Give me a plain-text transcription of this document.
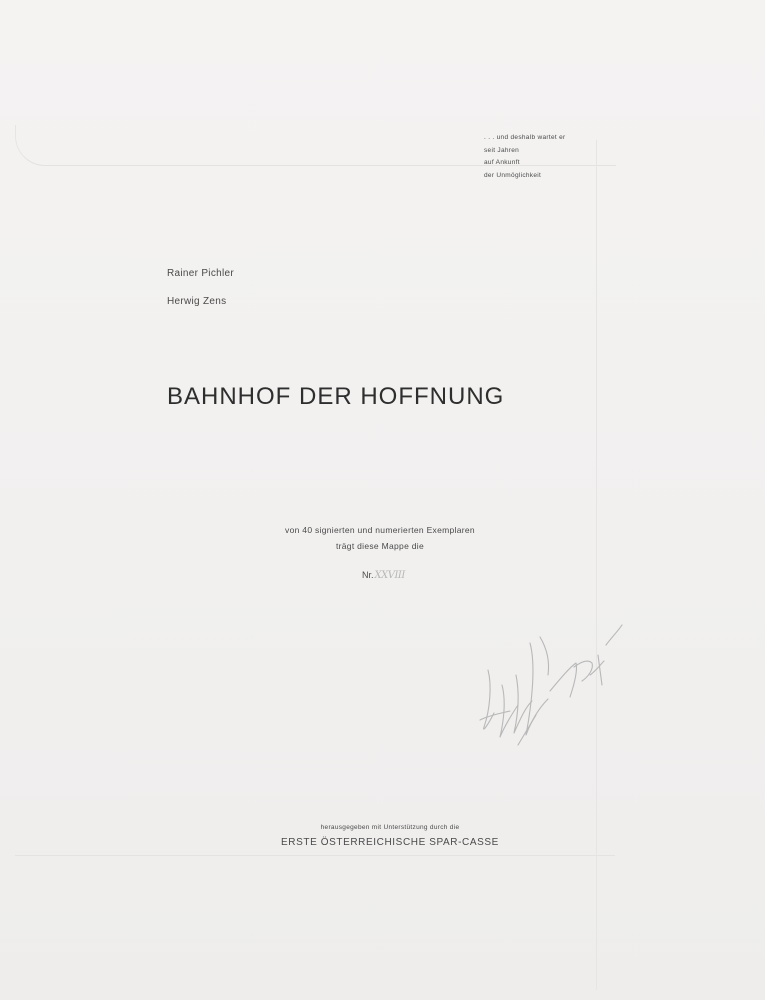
. . . und deshalb wartet er
seit Jahren
auf Ankunft
der Unmöglichkeit
Rainer Pichler
Herwig Zens
BAHNHOF DER HOFFNUNG
von 40 signierten und numerierten Exemplaren
trägt diese Mappe die
Nr.XXVIII
herausgegeben mit Unterstützung durch die
ERSTE ÖSTERREICHISCHE SPAR-CASSE
